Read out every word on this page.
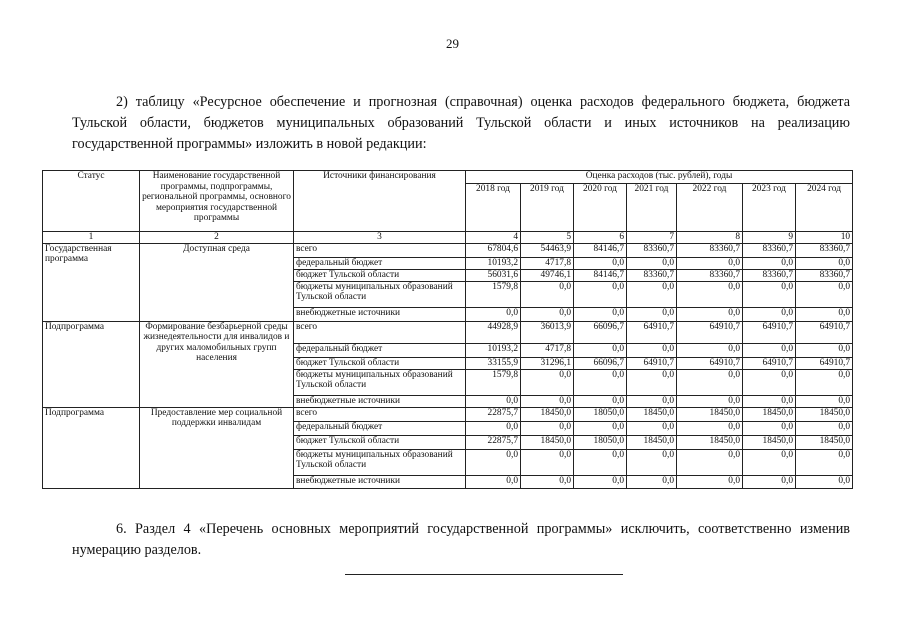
29

2) таблицу «Ресурсное обеспечение и прогнозная (справочная) оценка расходов федерального бюджета, бюджета Тульской области, бюджетов муниципальных образований Тульской области и иных источников на реализацию государственной программы» изложить в новой редакции:

Статус	Наименование государственной программы, подпрограммы, региональной программы, основного мероприятия государственной программы	Источники финансирования	Оценка расходов (тыс. рублей), годы						
			2018 год	2019 год	2020 год	2021 год	2022 год	2023 год	2024 год
1	2	3	4	5	6	7	8	9	10
Государственная программа	Доступная среда	всего	67804,6	54463,9	84146,7	83360,7	83360,7	83360,7	83360,7
		федеральный бюджет	10193,2	4717,8	0,0	0,0	0,0	0,0	0,0
		бюджет Тульской области	56031,6	49746,1	84146,7	83360,7	83360,7	83360,7	83360,7
		бюджеты муниципальных образований Тульской области	1579,8	0,0	0,0	0,0	0,0	0,0	0,0
		внебюджетные источники	0,0	0,0	0,0	0,0	0,0	0,0	0,0
Подпрограмма	Формирование безбарьерной среды жизнедеятельности для инвалидов и других маломобильных групп населения	всего	44928,9	36013,9	66096,7	64910,7	64910,7	64910,7	64910,7
		федеральный бюджет	10193,2	4717,8	0,0	0,0	0,0	0,0	0,0
		бюджет Тульской области	33155,9	31296,1	66096,7	64910,7	64910,7	64910,7	64910,7
		бюджеты муниципальных образований Тульской области	1579,8	0,0	0,0	0,0	0,0	0,0	0,0
		внебюджетные источники	0,0	0,0	0,0	0,0	0,0	0,0	0,0
Подпрограмма	Предоставление мер социальной поддержки инвалидам	всего	22875,7	18450,0	18050,0	18450,0	18450,0	18450,0	18450,0
		федеральный бюджет	0,0	0,0	0,0	0,0	0,0	0,0	0,0
		бюджет Тульской области	22875,7	18450,0	18050,0	18450,0	18450,0	18450,0	18450,0
		бюджеты муниципальных образований Тульской области	0,0	0,0	0,0	0,0	0,0	0,0	0,0
		внебюджетные источники	0,0	0,0	0,0	0,0	0,0	0,0	0,0

6. Раздел 4 «Перечень основных мероприятий государственной программы» исключить, соответственно изменив нумерацию разделов.
